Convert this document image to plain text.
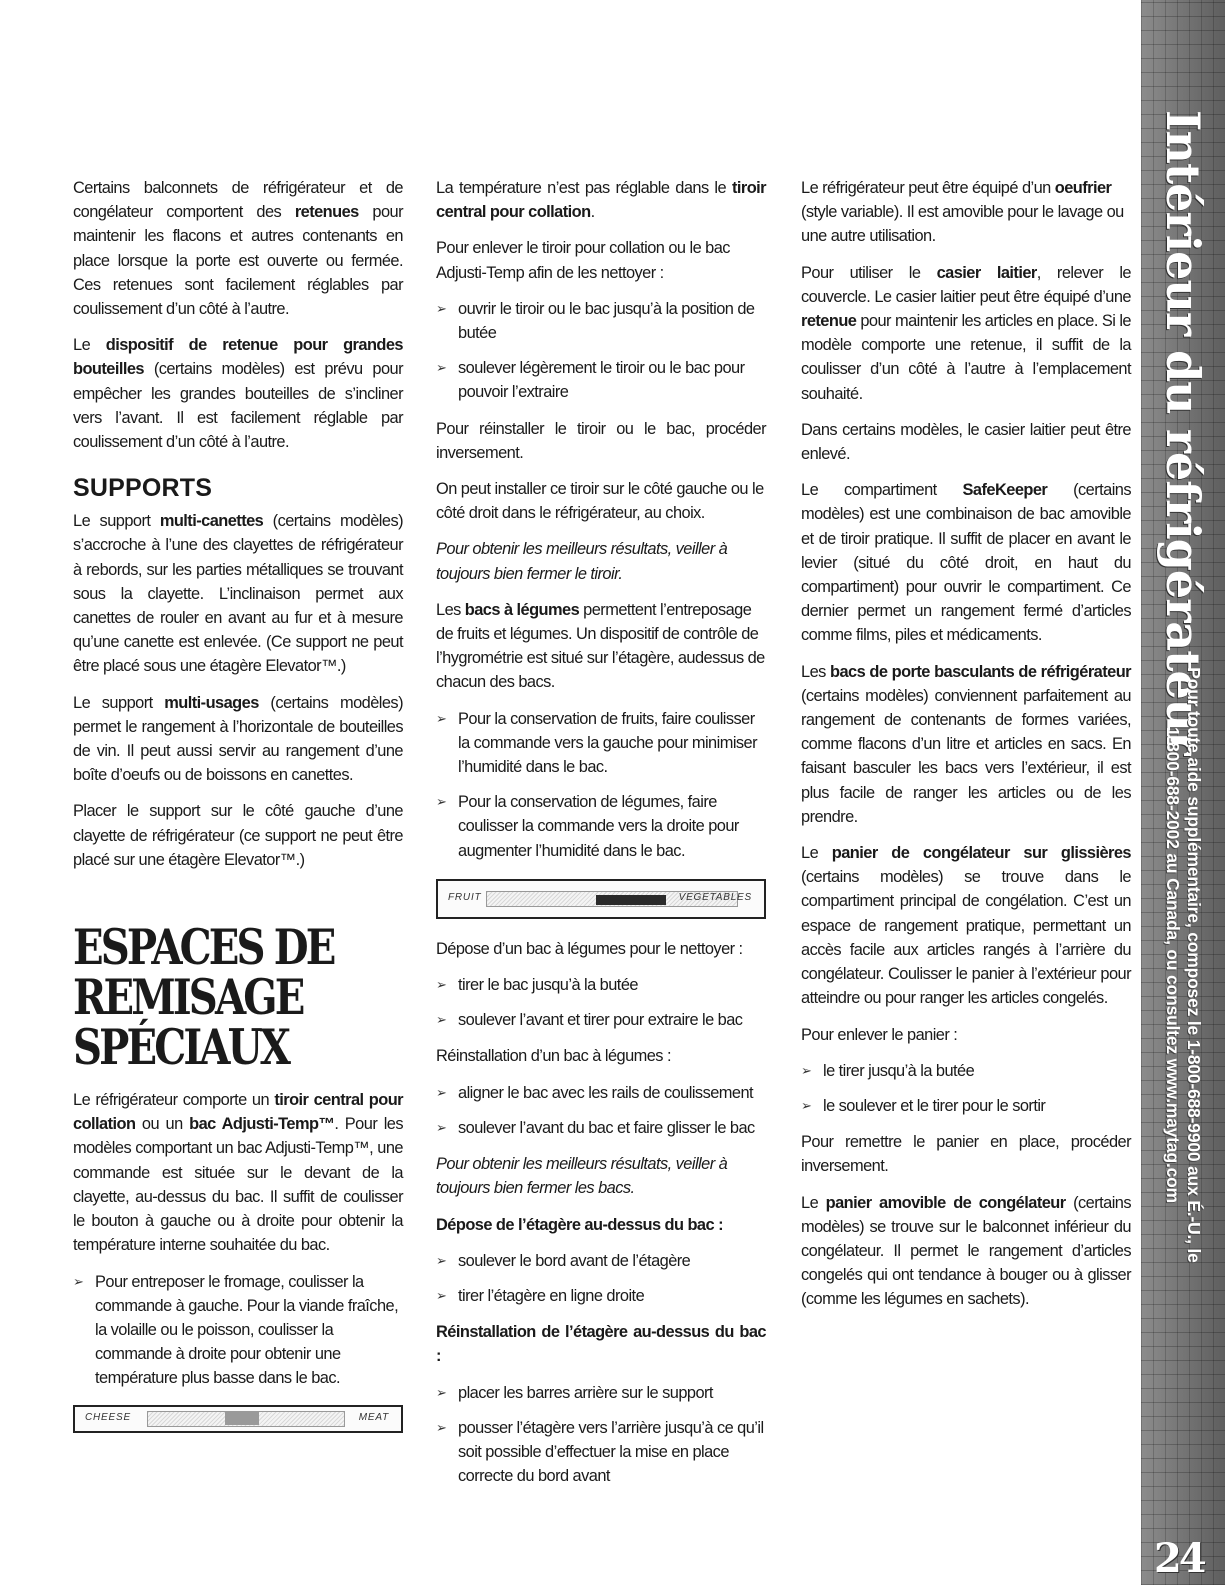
Certains balconnets de réfrigérateur et de congélateur comportent des retenues pour maintenir les flacons et autres contenants en place lorsque la porte est ouverte ou fermée. Ces retenues sont facilement réglables par coulissement d’un côté à l’autre.

Le dispositif de retenue pour grandes bouteilles (certains modèles) est prévu pour empêcher les grandes bouteilles de s’incliner vers l’avant. Il est facilement réglable par coulissement d’un côté à l’autre.

SUPPORTS

Le support multi-canettes (certains modèles) s’accroche à l’une des clayettes de réfrigérateur à rebords, sur les parties métalliques se trouvant sous la clayette. L’inclinaison permet aux canettes de rouler en avant au fur et à mesure qu’une canette est enlevée. (Ce support ne peut être placé sous une étagère Elevator™.)

Le support multi-usages (certains modèles) permet le rangement à l’horizontale de bouteilles de vin. Il peut aussi servir au rangement d’une boîte d’oeufs ou de boissons en canettes.

Placer le support sur le côté gauche d’une clayette de réfrigérateur (ce support ne peut être placé sur une étagère Elevator™.)

ESPACES DE REMISAGE
SPÉCIAUX

Le réfrigérateur comporte un tiroir central pour collation ou un bac Adjusti-Temp™. Pour les modèles comportant un bac Adjusti-Temp™, une commande est située sur le devant de la clayette, au-dessus du bac. Il suffit de coulisser le bouton à gauche ou à droite pour obtenir la température interne souhaitée du bac.

➢ Pour entreposer le fromage, coulisser la commande à gauche. Pour la viande fraîche, la volaille ou le poisson, coulisser la commande à droite pour obtenir une température plus basse dans le bac.
CHEESE	MEAT

La température n’est pas réglable dans le tiroir central pour collation.

Pour enlever le tiroir pour collation ou le bac Adjusti-Temp afin de les nettoyer :

➢ ouvrir le tiroir ou le bac jusqu’à la position de butée
➢ soulever légèrement le tiroir ou le bac pour pouvoir l’extraire

Pour réinstaller le tiroir ou le bac, procéder inversement.

On peut installer ce tiroir sur le côté gauche ou le côté droit dans le réfrigérateur, au choix.

Pour obtenir les meilleurs résultats, veiller à toujours bien fermer le tiroir.

Les bacs à légumes permettent l’entreposage de fruits et légumes. Un dispositif de contrôle de l’hygrométrie est situé sur l’étagère, audessus de chacun des bacs.

➢ Pour la conservation de fruits, faire coulisser la commande vers la gauche pour minimiser l’humidité dans le bac.
➢ Pour la conservation de légumes, faire coulisser la commande vers la droite pour augmenter l’humidité dans le bac.
FRUIT	VEGETABLES

Dépose d’un bac à légumes pour le nettoyer :

➢ tirer le bac jusqu’à la butée
➢ soulever l’avant et tirer pour extraire le bac

Réinstallation d’un bac à légumes :

➢ aligner le bac avec les rails de coulissement
➢ soulever l’avant du bac et faire glisser le bac

Pour obtenir les meilleurs résultats, veiller à toujours bien fermer les bacs.

Dépose de l’étagère au-dessus du bac :

➢ soulever le bord avant de l’étagère
➢ tirer l’étagère en ligne droite

Réinstallation de l’étagère au-dessus du bac :

➢ placer les barres arrière sur le support
➢ pousser l’étagère vers l’arrière jusqu’à ce qu’il soit possible d’effectuer la mise en place correcte du bord avant

Le réfrigérateur peut être équipé d’un oeufrier (style variable). Il est amovible pour le lavage ou une autre utilisation.

Pour utiliser le casier laitier, relever le couvercle. Le casier laitier peut être équipé d’une retenue pour maintenir les articles en place. Si le modèle comporte une retenue, il suffit de la coulisser d’un côté à l’autre à l’emplacement souhaité.

Dans certains modèles, le casier laitier peut être enlevé.

Le compartiment SafeKeeper (certains modèles) est une combinaison de bac amovible et de tiroir pratique. Il suffit de placer en avant le levier (situé du côté droit, en haut du compartiment) pour ouvrir le compartiment. Ce dernier permet un rangement fermé d’articles comme films, piles et médicaments.

Les bacs de porte basculants de réfrigérateur (certains modèles) conviennent parfaitement au rangement de contenants de formes variées, comme flacons d’un litre et articles en sacs. En faisant basculer les bacs vers l’extérieur, il est plus facile de ranger les articles ou de les prendre.

Le panier de congélateur sur glissières (certains modèles) se trouve dans le compartiment principal de congélation. C’est un espace de rangement pratique, permettant un accès facile aux articles rangés à l’arrière du congélateur. Coulisser le panier à l’extérieur pour atteindre ou pour ranger les articles congelés.

Pour enlever le panier :

➢ le tirer jusqu’à la butée
➢ le soulever et le tirer pour le sortir

Pour remettre le panier en place, procéder inversement.

Le panier amovible de congélateur (certains modèles) se trouve sur le balconnet inférieur du congélateur. Il permet le rangement d’articles congelés qui ont tendance à bouger ou à glisser (comme les légumes en sachets).

Intérieur du réfrigérateur
Pour toute aide supplémentaire, composez le 1-800-688-9900 aux É.-U., le
1-800-688-2002 au Canada, ou consultez www.maytag.com
24
